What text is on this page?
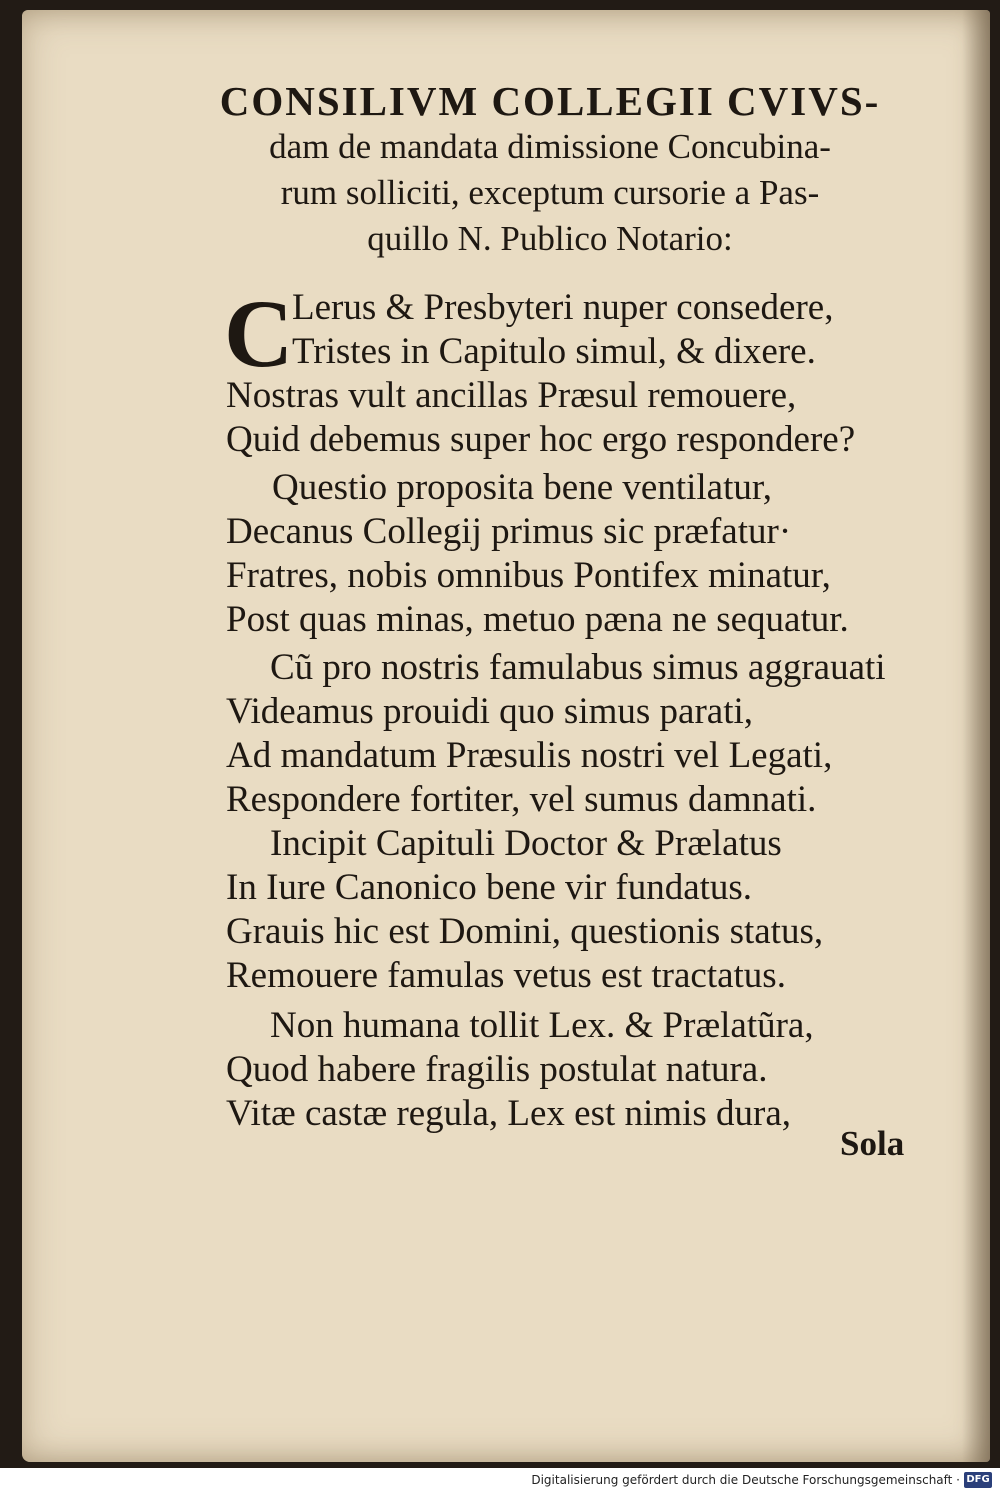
CONSILIVM COLLEGII CVIVS-
dam de mandata dimissione Concubina-
rum solliciti, exceptum cursorie a Pas-
quillo N. Publico Notario:
C
Lerus & Presbyteri nuper consedere,
Tristes in Capitulo simul, & dixere.
Nostras vult ancillas Præsul remouere,
Quid debemus super hoc ergo respondere?
Questio proposita bene ventilatur,
Decanus Collegij primus sic præfatur·
Fratres, nobis omnibus Pontifex minatur,
Post quas minas, metuo pæna ne sequatur.
Cũ pro nostris famulabus simus aggrauati
Videamus prouidi quo simus parati,
Ad mandatum Præsulis nostri vel Legati,
Respondere fortiter, vel sumus damnati.
Incipit Capituli Doctor & Prælatus
In Iure Canonico bene vir fundatus.
Grauis hic est Domini, questionis status,
Remouere famulas vetus est tractatus.
Non humana tollit Lex. & Prælatũra,
Quod habere fragilis postulat natura.
Vitæ castæ regula, Lex est nimis dura,
Sola
Digitalisierung gefördert durch die Deutsche Forschungsgemeinschaft · DFG
